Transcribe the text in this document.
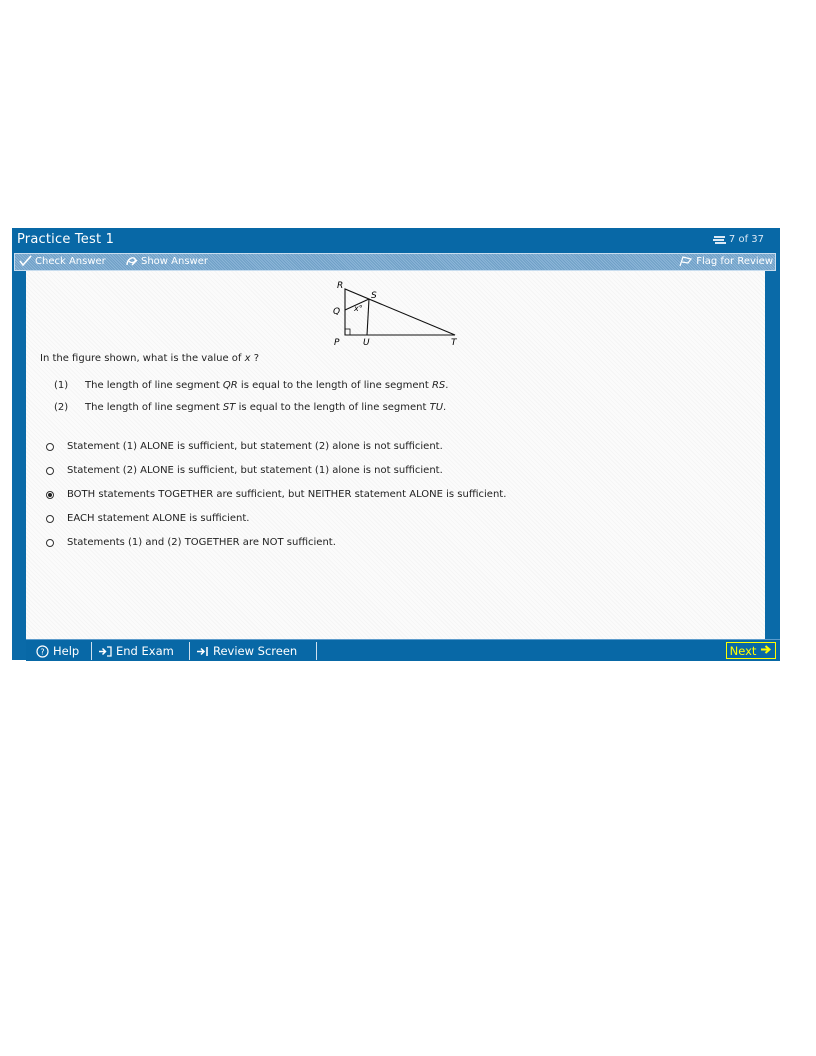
Practice Test 1	7 of 37
Check Answer	Show Answer	Flag for Review
R
S
Q x°
P	U	T
In the figure shown, what is the value of x ?
(1) The length of line segment QR is equal to the length of line segment RS.
(2) The length of line segment ST is equal to the length of line segment TU.
Statement (1) ALONE is sufficient, but statement (2) alone is not sufficient.
Statement (2) ALONE is sufficient, but statement (1) alone is not sufficient.
BOTH statements TOGETHER are sufficient, but NEITHER statement ALONE is sufficient.
EACH statement ALONE is sufficient.
Statements (1) and (2) TOGETHER are NOT sufficient.
? Help	End Exam	Review Screen	Next
